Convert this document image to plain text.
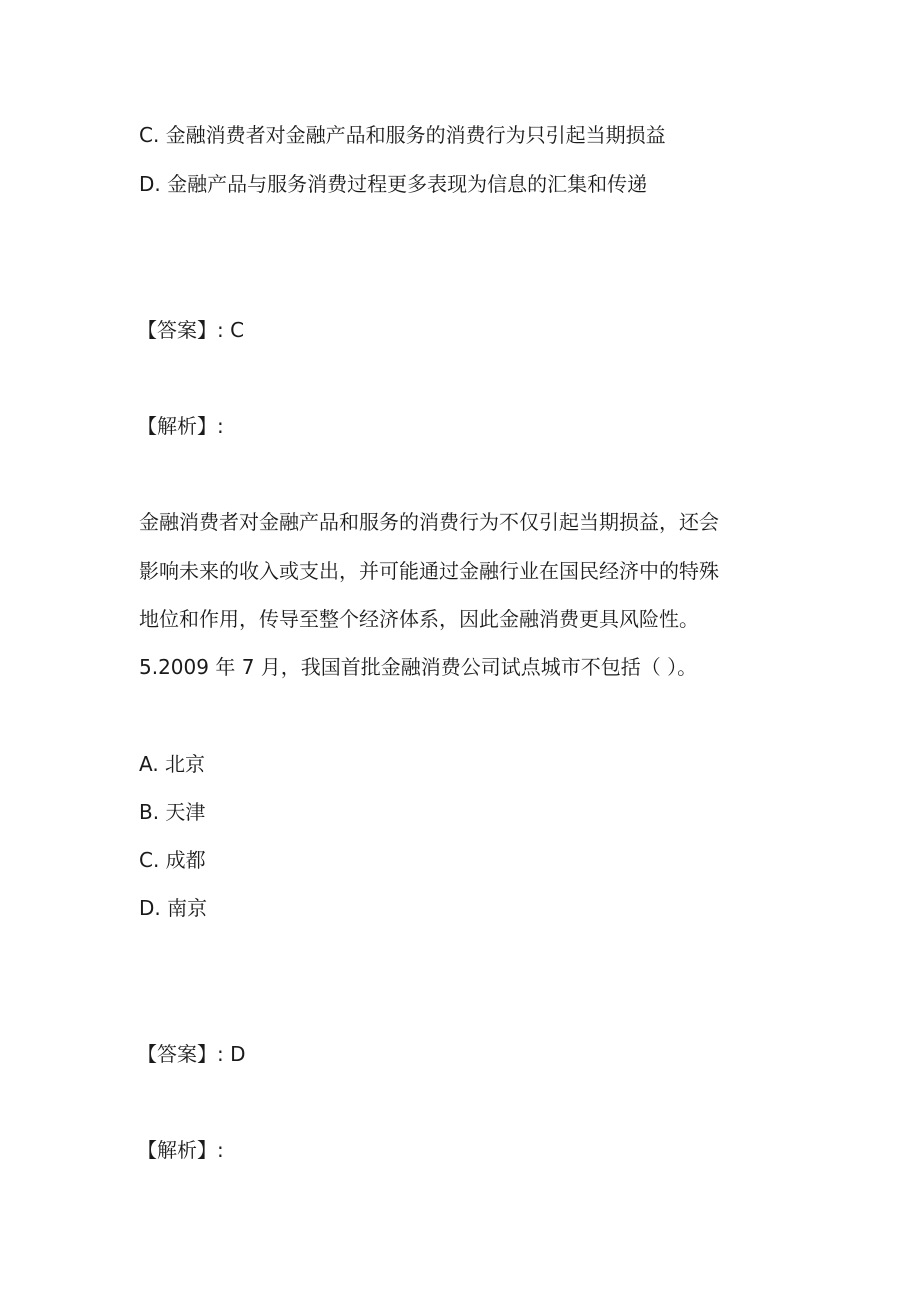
C. 金融消费者对金融产品和服务的消费行为只引起当期损益
D. 金融产品与服务消费过程更多表现为信息的汇集和传递
【答案】: C
【解析】:
金融消费者对金融产品和服务的消费行为不仅引起当期损益，还会
影响未来的收入或支出，并可能通过金融行业在国民经济中的特殊
地位和作用，传导至整个经济体系，因此金融消费更具风险性。
5.2009 年 7 月，我国首批金融消费公司试点城市不包括（ ）。
A. 北京
B. 天津
C. 成都
D. 南京
【答案】: D
【解析】:
